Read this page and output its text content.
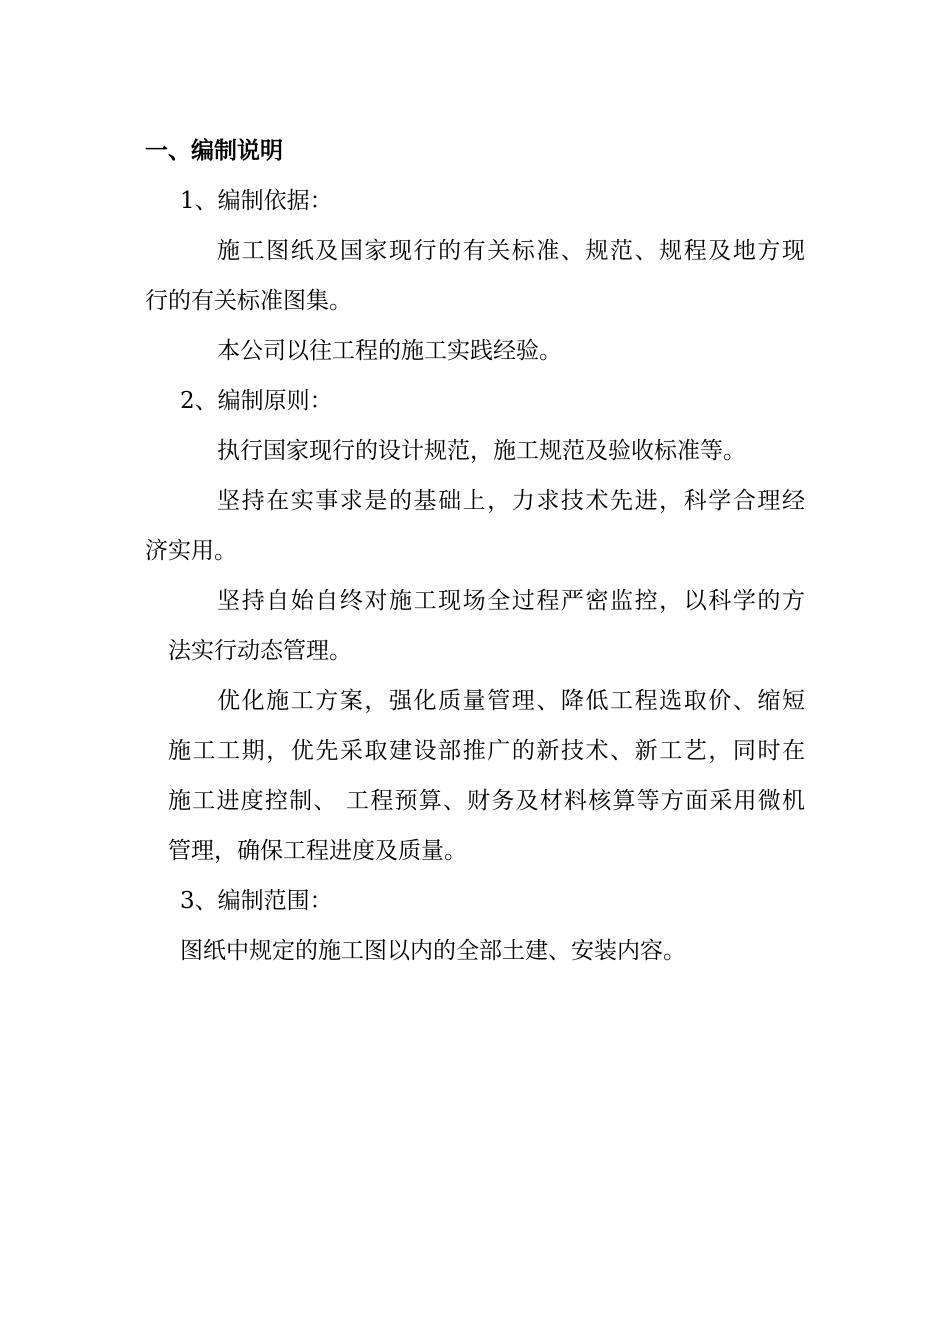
一、编制说明

1、编制依据：

施工图纸及国家现行的有关标准、规范、规程及地方现

行的有关标准图集。

本公司以往工程的施工实践经验。

2、编制原则：

执行国家现行的设计规范，施工规范及验收标准等。

坚持在实事求是的基础上，力求技术先进，科学合理经

济实用。

坚持自始自终对施工现场全过程严密监控，以科学的方

法实行动态管理。

优化施工方案，强化质量管理、降低工程选取价、缩短

施工工期，优先采取建设部推广的新技术、新工艺，同时在

施工进度控制、 工程预算、财务及材料核算等方面采用微机

管理，确保工程进度及质量。

3、编制范围：

图纸中规定的施工图以内的全部土建、安装内容。
